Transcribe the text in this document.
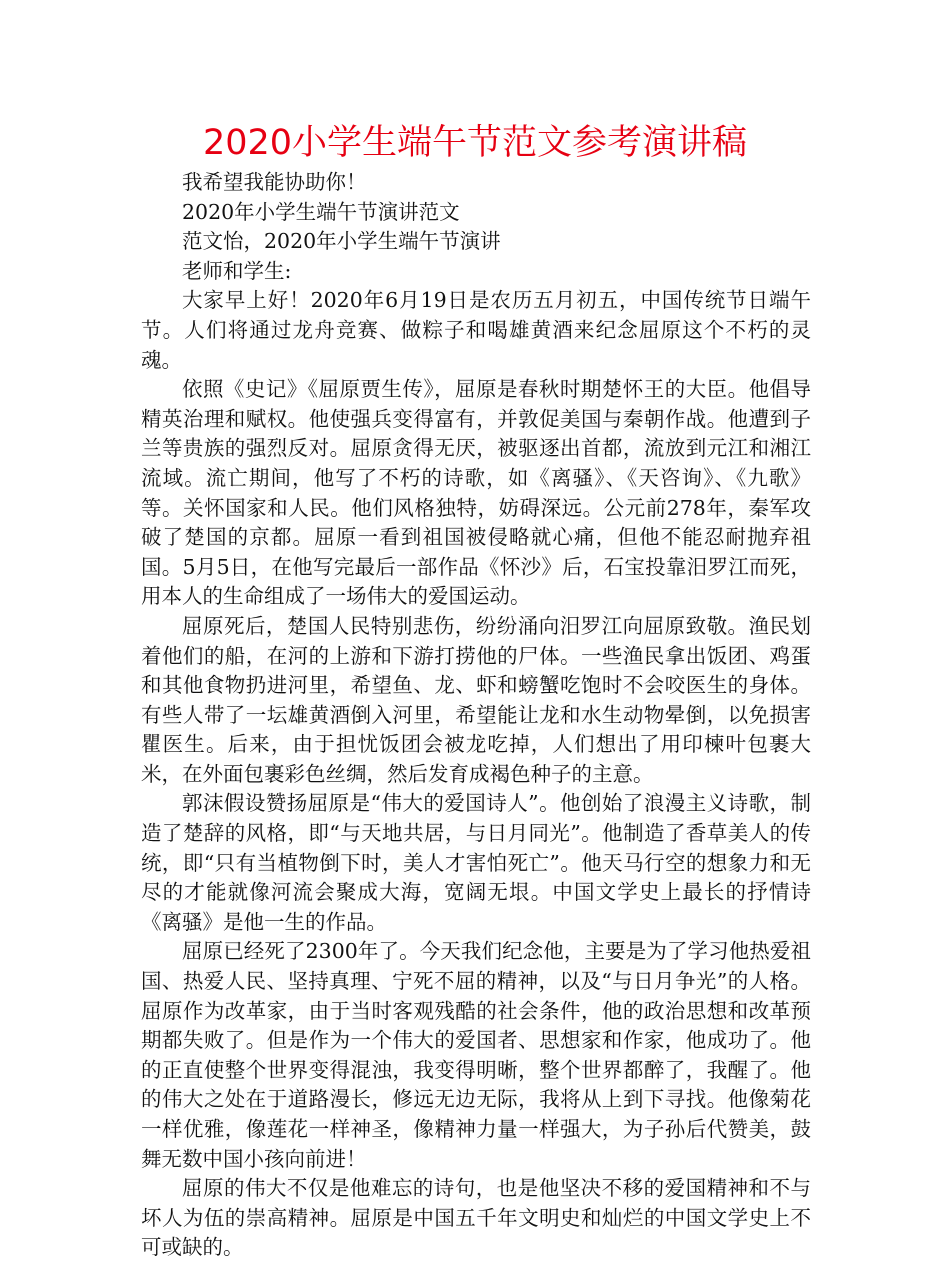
2020小学生端午节范文参考演讲稿

我希望我能协助你！

2020年小学生端午节演讲范文

范文怡，2020年小学生端午节演讲

老师和学生:

大家早上好！2020年6月19日是农历五月初五，中国传统节日端午节。人们将通过龙舟竞赛、做粽子和喝雄黄酒来纪念屈原这个不朽的灵魂。

依照《史记》《屈原贾生传》，屈原是春秋时期楚怀王的大臣。他倡导精英治理和赋权。他使强兵变得富有，并敦促美国与秦朝作战。他遭到子兰等贵族的强烈反对。屈原贪得无厌，被驱逐出首都，流放到元江和湘江流域。流亡期间，他写了不朽的诗歌，如《离骚》、《天咨询》、《九歌》等。关怀国家和人民。他们风格独特，妨碍深远。公元前278年，秦军攻破了楚国的京都。屈原一看到祖国被侵略就心痛，但他不能忍耐抛弃祖国。5月5日，在他写完最后一部作品《怀沙》后，石宝投靠汨罗江而死，用本人的生命组成了一场伟大的爱国运动。

屈原死后，楚国人民特别悲伤，纷纷涌向汨罗江向屈原致敬。渔民划着他们的船，在河的上游和下游打捞他的尸体。一些渔民拿出饭团、鸡蛋和其他食物扔进河里，希望鱼、龙、虾和螃蟹吃饱时不会咬医生的身体。有些人带了一坛雄黄酒倒入河里，希望能让龙和水生动物晕倒，以免损害瞿医生。后来，由于担忧饭团会被龙吃掉，人们想出了用印楝叶包裹大米，在外面包裹彩色丝绸，然后发育成褐色种子的主意。

郭沫假设赞扬屈原是“伟大的爱国诗人”。他创始了浪漫主义诗歌，制造了楚辞的风格，即“与天地共居，与日月同光”。他制造了香草美人的传统，即“只有当植物倒下时，美人才害怕死亡”。他天马行空的想象力和无尽的才能就像河流会聚成大海，宽阔无垠。中国文学史上最长的抒情诗《离骚》是他一生的作品。

屈原已经死了2300年了。今天我们纪念他，主要是为了学习他热爱祖国、热爱人民、坚持真理、宁死不屈的精神，以及“与日月争光”的人格。屈原作为改革家，由于当时客观残酷的社会条件，他的政治思想和改革预期都失败了。但是作为一个伟大的爱国者、思想家和作家，他成功了。他的正直使整个世界变得混浊，我变得明晰，整个世界都醉了，我醒了。他的伟大之处在于道路漫长，修远无边无际，我将从上到下寻找。他像菊花一样优雅，像莲花一样神圣，像精神力量一样强大，为子孙后代赞美，鼓舞无数中国小孩向前进！

屈原的伟大不仅是他难忘的诗句，也是他坚决不移的爱国精神和不与坏人为伍的崇高精神。屈原是中国五千年文明史和灿烂的中国文学史上不可或缺的。
